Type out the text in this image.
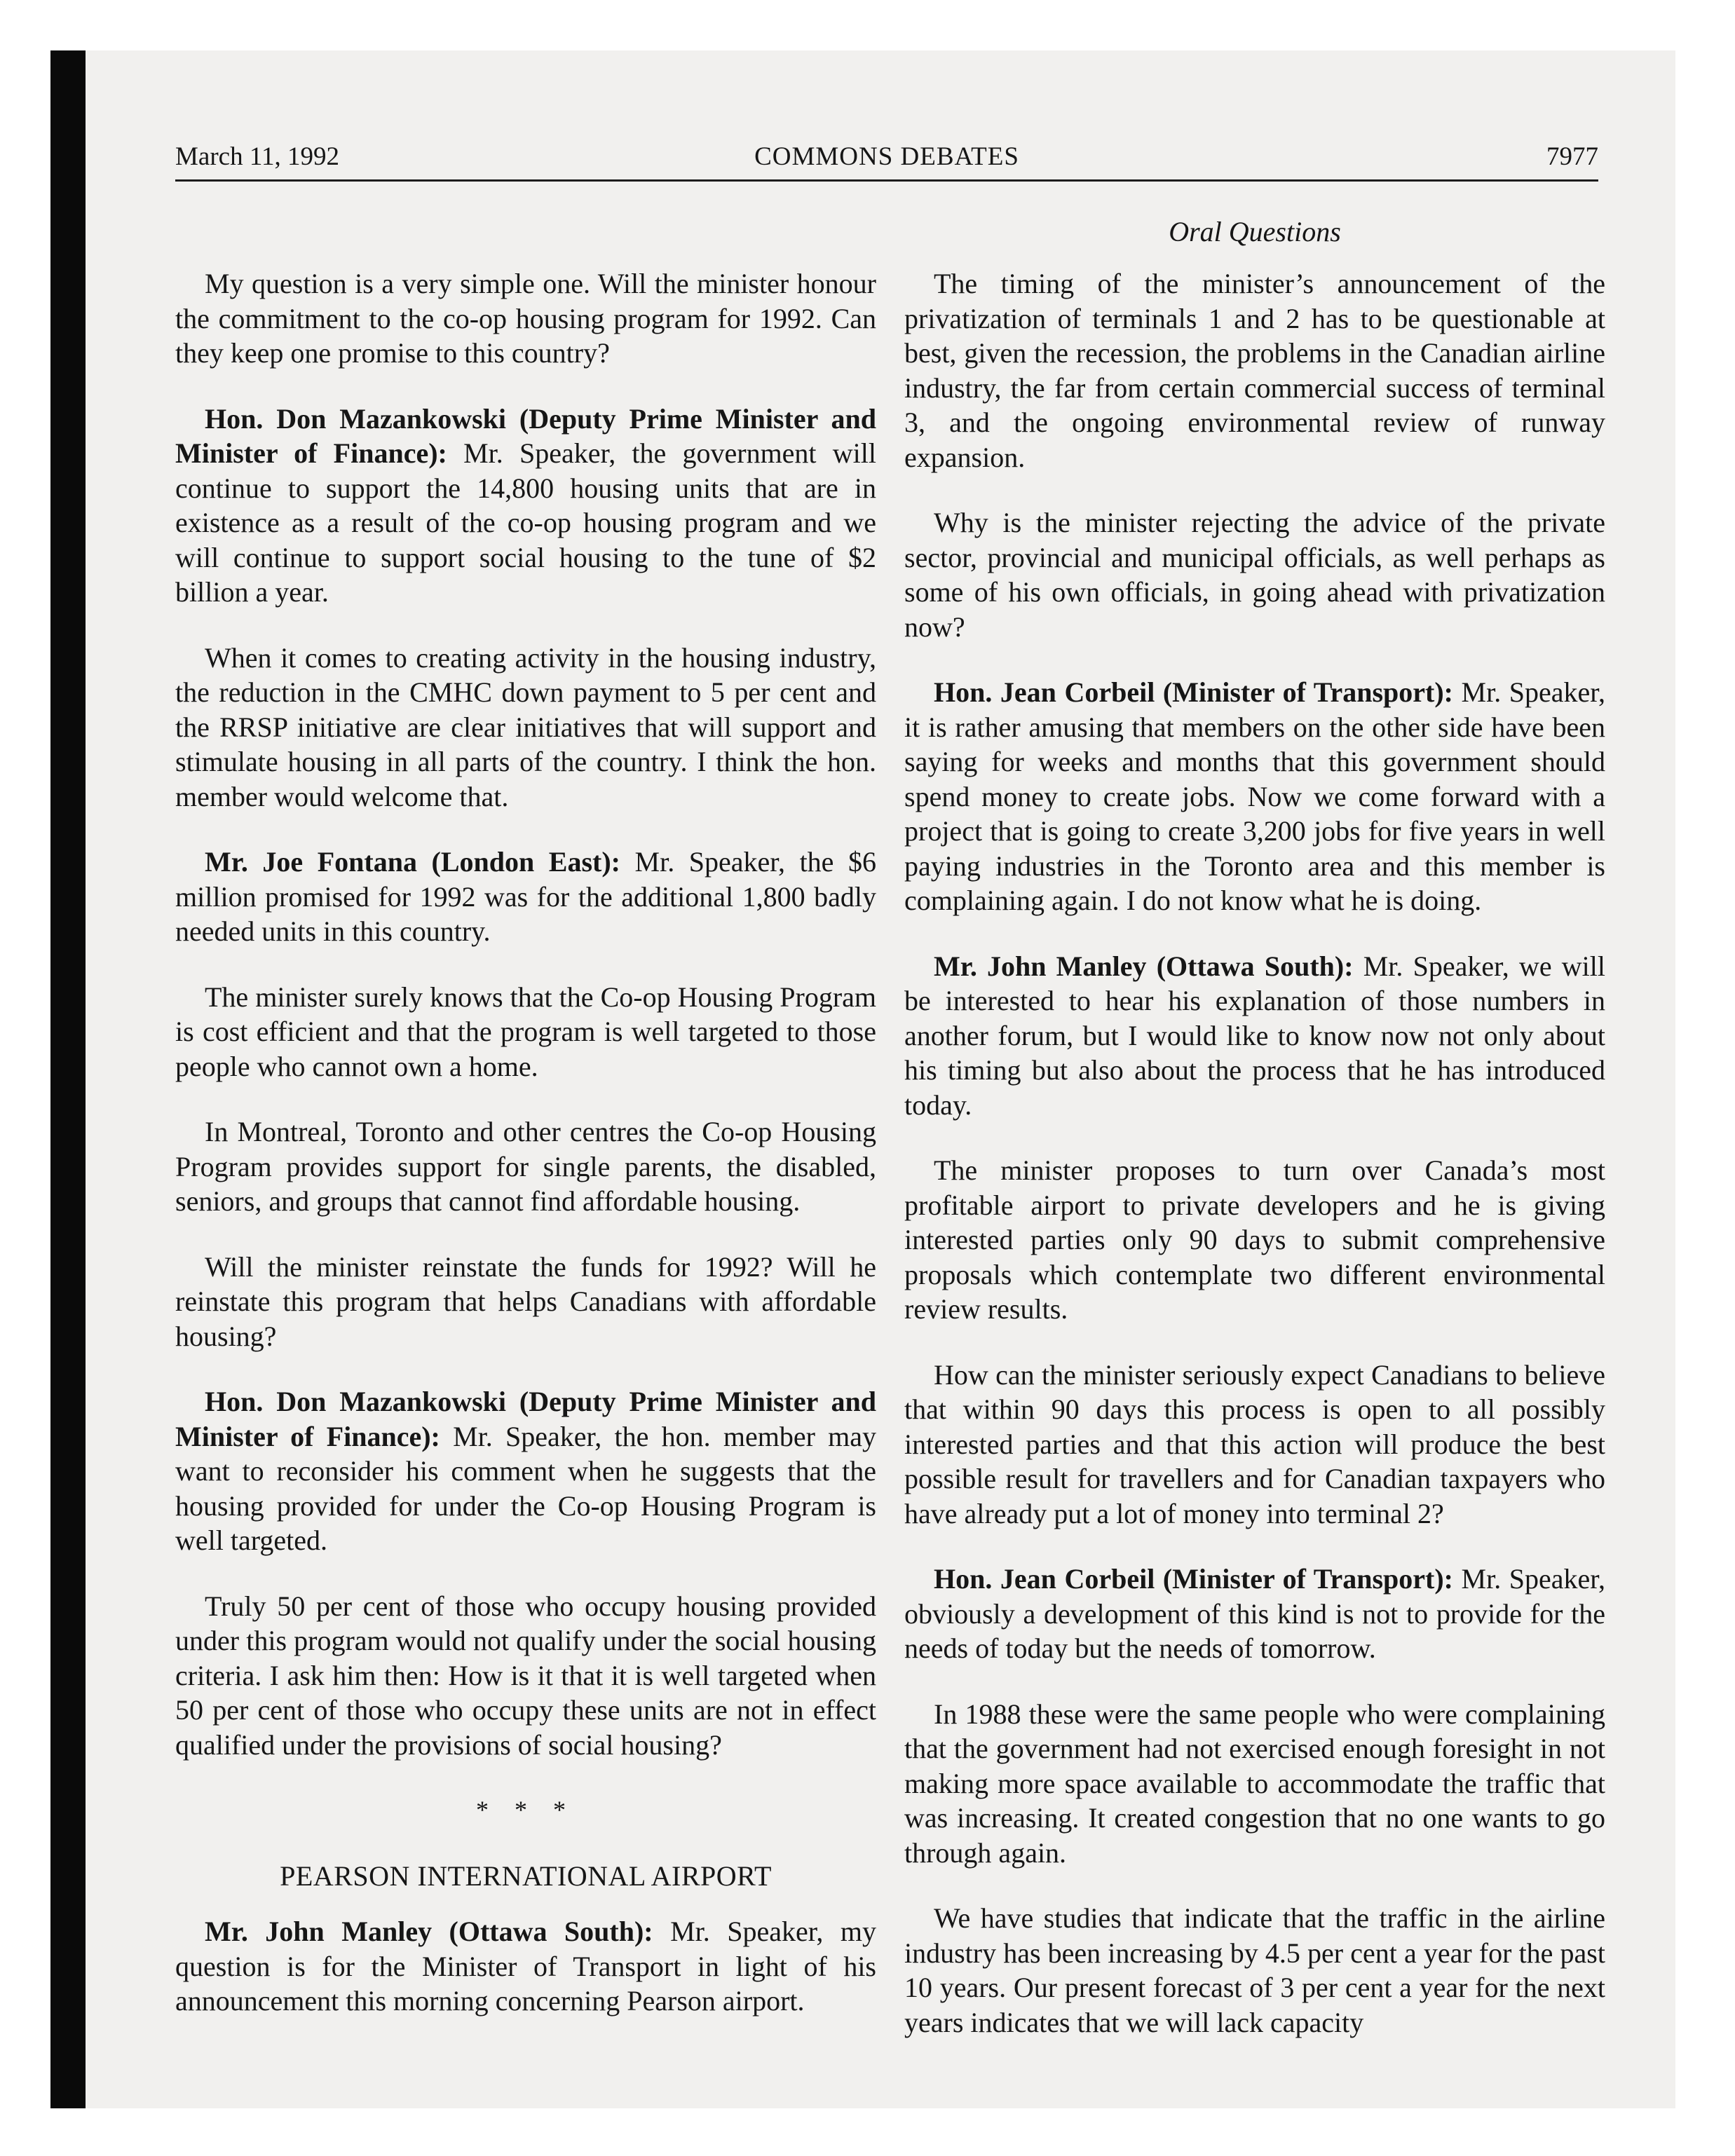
March 11, 1992	COMMONS DEBATES	7977
Oral Questions

My question is a very simple one. Will the minister honour the commitment to the co-op housing program for 1992. Can they keep one promise to this country?

Hon. Don Mazankowski (Deputy Prime Minister and Minister of Finance): Mr. Speaker, the government will continue to support the 14,800 housing units that are in existence as a result of the co-op housing program and we will continue to support social housing to the tune of $2 billion a year.

When it comes to creating activity in the housing industry, the reduction in the CMHC down payment to 5 per cent and the RRSP initiative are clear initiatives that will support and stimulate housing in all parts of the country. I think the hon. member would welcome that.

Mr. Joe Fontana (London East): Mr. Speaker, the $6 million promised for 1992 was for the additional 1,800 badly needed units in this country.

The minister surely knows that the Co-op Housing Program is cost efficient and that the program is well targeted to those people who cannot own a home.

In Montreal, Toronto and other centres the Co-op Housing Program provides support for single parents, the disabled, seniors, and groups that cannot find affordable housing.

Will the minister reinstate the funds for 1992? Will he reinstate this program that helps Canadians with affordable housing?

Hon. Don Mazankowski (Deputy Prime Minister and Minister of Finance): Mr. Speaker, the hon. member may want to reconsider his comment when he suggests that the housing provided for under the Co-op Housing Program is well targeted.

Truly 50 per cent of those who occupy housing provided under this program would not qualify under the social housing criteria. I ask him then: How is it that it is well targeted when 50 per cent of those who occupy these units are not in effect qualified under the provisions of social housing?

* * *
PEARSON INTERNATIONAL AIRPORT

Mr. John Manley (Ottawa South): Mr. Speaker, my question is for the Minister of Transport in light of his announcement this morning concerning Pearson airport.

The timing of the minister’s announcement of the privatization of terminals 1 and 2 has to be questionable at best, given the recession, the problems in the Canadian airline industry, the far from certain commercial success of terminal 3, and the ongoing environmental review of runway expansion.

Why is the minister rejecting the advice of the private sector, provincial and municipal officials, as well perhaps as some of his own officials, in going ahead with privatization now?

Hon. Jean Corbeil (Minister of Transport): Mr. Speaker, it is rather amusing that members on the other side have been saying for weeks and months that this government should spend money to create jobs. Now we come forward with a project that is going to create 3,200 jobs for five years in well paying industries in the Toronto area and this member is complaining again. I do not know what he is doing.

Mr. John Manley (Ottawa South): Mr. Speaker, we will be interested to hear his explanation of those numbers in another forum, but I would like to know now not only about his timing but also about the process that he has introduced today.

The minister proposes to turn over Canada’s most profitable airport to private developers and he is giving interested parties only 90 days to submit comprehensive proposals which contemplate two different environmental review results.

How can the minister seriously expect Canadians to believe that within 90 days this process is open to all possibly interested parties and that this action will produce the best possible result for travellers and for Canadian taxpayers who have already put a lot of money into terminal 2?

Hon. Jean Corbeil (Minister of Transport): Mr. Speaker, obviously a development of this kind is not to provide for the needs of today but the needs of tomorrow.

In 1988 these were the same people who were complaining that the government had not exercised enough foresight in not making more space available to accommodate the traffic that was increasing. It created congestion that no one wants to go through again.

We have studies that indicate that the traffic in the airline industry has been increasing by 4.5 per cent a year for the past 10 years. Our present forecast of 3 per cent a year for the next years indicates that we will lack capacity
